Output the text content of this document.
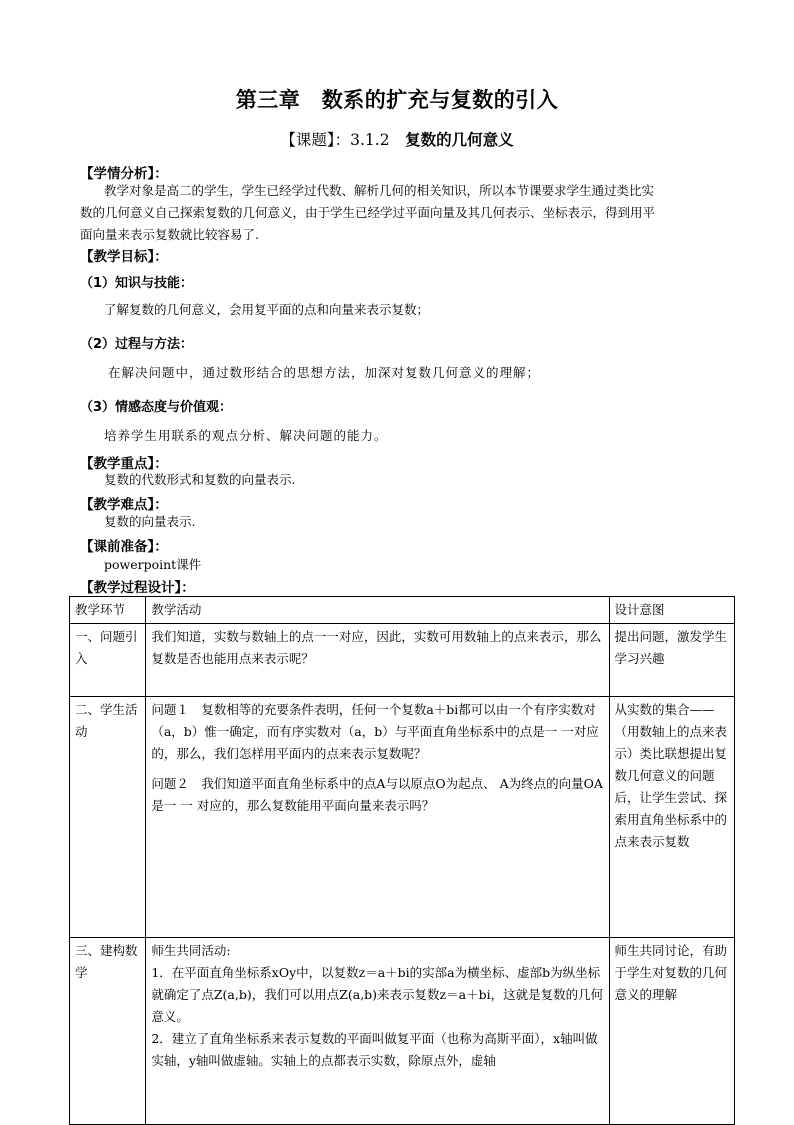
第三章　数系的扩充与复数的引入
【课题】：3.1.2　复数的几何意义
【学情分析】：
教学对象是高二的学生，学生已经学过代数、解析几何的相关知识，所以本节课要求学生通过类比实
数的几何意义自己探索复数的几何意义，由于学生已经学过平面向量及其几何表示、坐标表示，得到用平
面向量来表示复数就比较容易了.
【教学目标】：
（1）知识与技能：
了解复数的几何意义，会用复平面的点和向量来表示复数；
（2）过程与方法：
在解决问题中，通过数形结合的思想方法，加深对复数几何意义的理解；
（3）情感态度与价值观：
培养学生用联系的观点分析、解决问题的能力。
【教学重点】：
复数的代数形式和复数的向量表示.
【教学难点】：
复数的向量表示.
【课前准备】：
powerpoint课件
【教学过程设计】：
教学环节	教学活动	设计意图
一、问题引入	我们知道，实数与数轴上的点一一对应，因此，实数可用数轴上的点来表示，那么复数是否也能用点来表示呢？	提出问题，激发学生学习兴趣
二、学生活动	问题１　复数相等的充要条件表明，任何一个复数a＋bi都可以由一个有序实数对（a，b）惟一确定，而有序实数对（a，b）与平面直角坐标系中的点是一 一对应的，那么，我们怎样用平面内的点来表示复数呢？
问题２　我们知道平面直角坐标系中的点A与以原点O为起点、 A为终点的向量OA是一 一 对应的，那么复数能用平面向量来表示吗？	从实数的集合——（用数轴上的点来表示）类比联想提出复数几何意义的问题后，让学生尝试、探索用直角坐标系中的点来表示复数
三、建构数学	师生共同活动:
1．在平面直角坐标系xOy中，以复数z＝a＋bi的实部a为横坐标、虚部b为纵坐标就确定了点Z(a,b)，我们可以用点Z(a,b)来表示复数z＝a＋bi，这就是复数的几何意义。
2．建立了直角坐标系来表示复数的平面叫做复平面（也称为高斯平面），x轴叫做实轴，y轴叫做虚轴。实轴上的点都表示实数，除原点外，虚轴	师生共同讨论，有助于学生对复数的几何意义的理解
